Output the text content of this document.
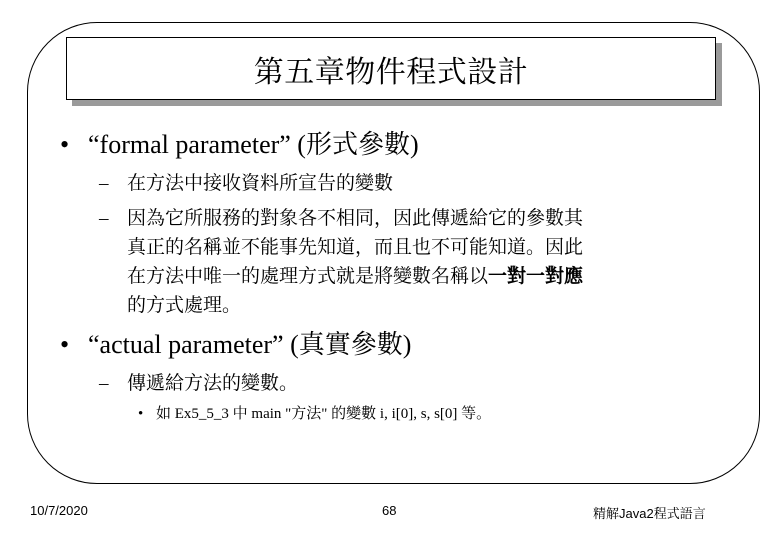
第五章物件程式設計
• “formal parameter” (形式參數)
– 在方法中接收資料所宣告的變數
– 因為它所服務的對象各不相同，因此傳遞給它的參數其
真正的名稱並不能事先知道，而且也不可能知道。因此
在方法中唯一的處理方式就是將變數名稱以一對一對應
的方式處理。
• “actual parameter” (真實參數)
– 傳遞給方法的變數。
• 如 Ex5_5_3 中 main "方法" 的變數 i, i[0], s, s[0] 等。
10/7/2020	68	精解Java2程式語言
